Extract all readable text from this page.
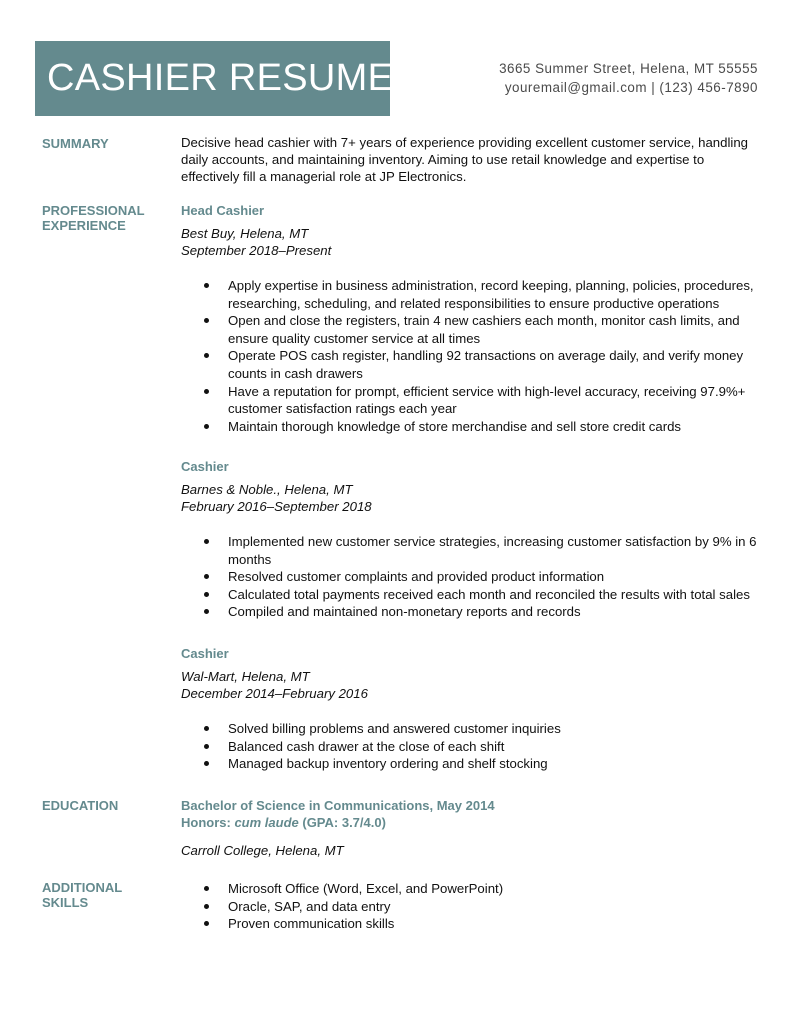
CASHIER RESUME	3665 Summer Street, Helena, MT 55555
youremail@gmail.com | (123) 456-7890
SUMMARY	Decisive head cashier with 7+ years of experience providing excellent customer service, handling daily accounts, and maintaining inventory. Aiming to use retail knowledge and expertise to effectively fill a managerial role at JP Electronics.
PROFESSIONAL
EXPERIENCE
Head Cashier
Best Buy, Helena, MT
September 2018–Present
Apply expertise in business administration, record keeping, planning, policies, procedures, researching, scheduling, and related responsibilities to ensure productive operations
Open and close the registers, train 4 new cashiers each month, monitor cash limits, and ensure quality customer service at all times
Operate POS cash register, handling 92 transactions on average daily, and verify money counts in cash drawers
Have a reputation for prompt, efficient service with high-level accuracy, receiving 97.9%+ customer satisfaction ratings each year
Maintain thorough knowledge of store merchandise and sell store credit cards
Cashier
Barnes & Noble., Helena, MT
February 2016–September 2018
Implemented new customer service strategies, increasing customer satisfaction by 9% in 6 months
Resolved customer complaints and provided product information
Calculated total payments received each month and reconciled the results with total sales
Compiled and maintained non-monetary reports and records
Cashier
Wal-Mart, Helena, MT
December 2014–February 2016
Solved billing problems and answered customer inquiries
Balanced cash drawer at the close of each shift
Managed backup inventory ordering and shelf stocking
EDUCATION	Bachelor of Science in Communications, May 2014
Honors: cum laude (GPA: 3.7/4.0)
Carroll College, Helena, MT
ADDITIONAL
SKILLS
Microsoft Office (Word, Excel, and PowerPoint)
Oracle, SAP, and data entry
Proven communication skills
